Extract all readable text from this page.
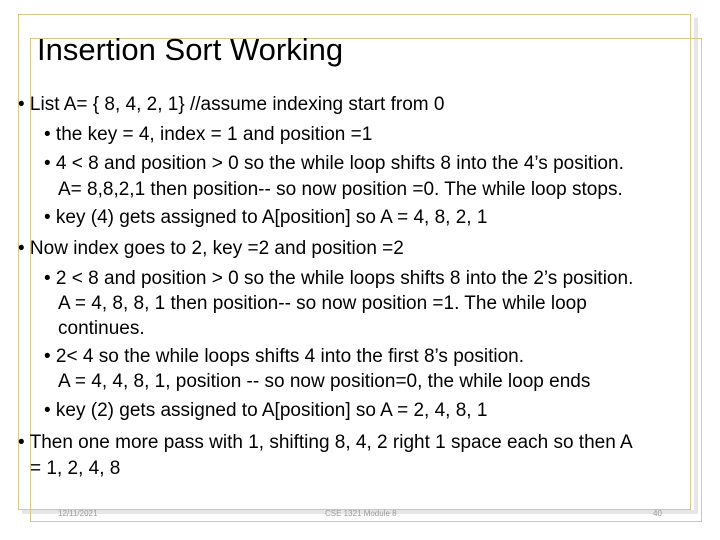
Insertion Sort Working
• List A= { 8, 4, 2, 1} //assume indexing start from 0
• the key = 4, index = 1 and position =1
• 4 < 8 and position > 0 so the while loop shifts 8 into the 4’s position.
A= 8,8,2,1 then position-- so now position =0. The while loop stops.
• key (4) gets assigned to A[position] so A = 4, 8, 2, 1
• Now index goes to 2, key =2 and position =2
• 2 < 8 and position > 0 so the while loops shifts 8 into the 2’s position.
A = 4, 8, 8, 1 then position-- so now position =1. The while loop
continues.
• 2< 4 so the while loops shifts 4 into the first 8’s position.
A = 4, 4, 8, 1, position -- so now position=0, the while loop ends
• key (2) gets assigned to A[position] so A = 2, 4, 8, 1
• Then one more pass with 1, shifting 8, 4, 2 right 1 space each so then A
= 1, 2, 4, 8
12/11/2021	CSE 1321 Module 8	40
